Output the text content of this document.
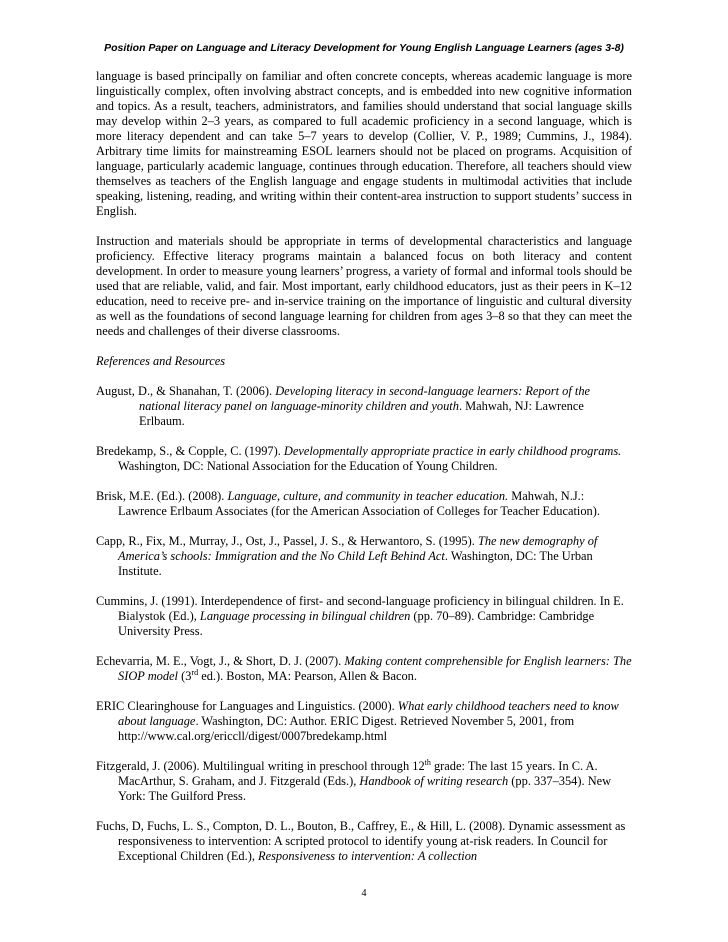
Position Paper on Language and Literacy Development for Young English Language Learners (ages 3-8)

language is based principally on familiar and often concrete concepts, whereas academic language is more linguistically complex, often involving abstract concepts, and is embedded into new cognitive information and topics. As a result, teachers, administrators, and families should understand that social language skills may develop within 2–3 years, as compared to full academic proficiency in a second language, which is more literacy dependent and can take 5–7 years to develop (Collier, V. P., 1989; Cummins, J., 1984). Arbitrary time limits for mainstreaming ESOL learners should not be placed on programs. Acquisition of language, particularly academic language, continues through education. Therefore, all teachers should view themselves as teachers of the English language and engage students in multimodal activities that include speaking, listening, reading, and writing within their content-area instruction to support students’ success in English.

Instruction and materials should be appropriate in terms of developmental characteristics and language proficiency. Effective literacy programs maintain a balanced focus on both literacy and content development. In order to measure young learners’ progress, a variety of formal and informal tools should be used that are reliable, valid, and fair. Most important, early childhood educators, just as their peers in K–12 education, need to receive pre- and in-service training on the importance of linguistic and cultural diversity as well as the foundations of second language learning for children from ages 3–8 so that they can meet the needs and challenges of their diverse classrooms.

References and Resources

August, D., & Shanahan, T. (2006). Developing literacy in second-language learners: Report of the national literacy panel on language-minority children and youth. Mahwah, NJ: Lawrence Erlbaum.

Bredekamp, S., & Copple, C. (1997). Developmentally appropriate practice in early childhood programs. Washington, DC: National Association for the Education of Young Children.

Brisk, M.E. (Ed.). (2008). Language, culture, and community in teacher education. Mahwah, N.J.: Lawrence Erlbaum Associates (for the American Association of Colleges for Teacher Education).

Capp, R., Fix, M., Murray, J., Ost, J., Passel, J. S., & Herwantoro, S. (1995). The new demography of America’s schools: Immigration and the No Child Left Behind Act. Washington, DC: The Urban Institute.

Cummins, J. (1991). Interdependence of first- and second-language proficiency in bilingual children. In E. Bialystok (Ed.), Language processing in bilingual children (pp. 70–89). Cambridge: Cambridge University Press.

Echevarria, M. E., Vogt, J., & Short, D. J. (2007). Making content comprehensible for English learners: The SIOP model (3rd ed.). Boston, MA: Pearson, Allen & Bacon.

ERIC Clearinghouse for Languages and Linguistics. (2000). What early childhood teachers need to know about language. Washington, DC: Author. ERIC Digest. Retrieved November 5, 2001, from http://www.cal.org/ericcll/digest/0007bredekamp.html

Fitzgerald, J. (2006). Multilingual writing in preschool through 12th grade: The last 15 years. In C. A. MacArthur, S. Graham, and J. Fitzgerald (Eds.), Handbook of writing research (pp. 337–354). New York: The Guilford Press.

Fuchs, D, Fuchs, L. S., Compton, D. L., Bouton, B., Caffrey, E., & Hill, L. (2008). Dynamic assessment as responsiveness to intervention: A scripted protocol to identify young at-risk readers. In Council for Exceptional Children (Ed.), Responsiveness to intervention: A collection

4
